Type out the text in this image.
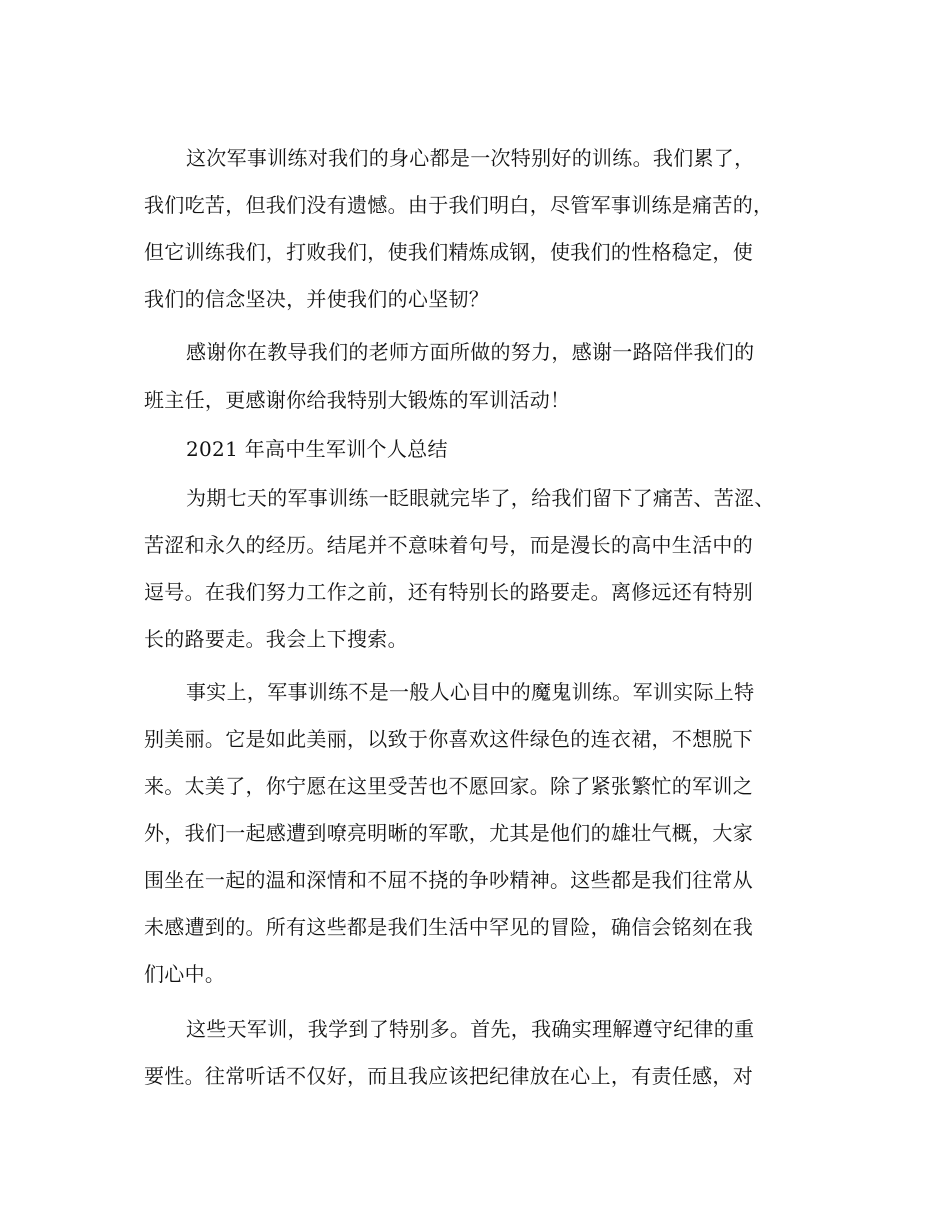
这次军事训练对我们的身心都是一次特别好的训练。我们累了，
我们吃苦，但我们没有遗憾。由于我们明白，尽管军事训练是痛苦的，
但它训练我们，打败我们，使我们精炼成钢，使我们的性格稳定，使
我们的信念坚决，并使我们的心坚韧？
感谢你在教导我们的老师方面所做的努力，感谢一路陪伴我们的
班主任，更感谢你给我特别大锻炼的军训活动！
2021 年高中生军训个人总结
为期七天的军事训练一眨眼就完毕了，给我们留下了痛苦、苦涩、
苦涩和永久的经历。结尾并不意味着句号，而是漫长的高中生活中的
逗号。在我们努力工作之前，还有特别长的路要走。离修远还有特别
长的路要走。我会上下搜索。
事实上，军事训练不是一般人心目中的魔鬼训练。军训实际上特
别美丽。它是如此美丽，以致于你喜欢这件绿色的连衣裙，不想脱下
来。太美了，你宁愿在这里受苦也不愿回家。除了紧张繁忙的军训之
外，我们一起感遭到嘹亮明晰的军歌，尤其是他们的雄壮气概，大家
围坐在一起的温和深情和不屈不挠的争吵精神。这些都是我们往常从
未感遭到的。所有这些都是我们生活中罕见的冒险，确信会铭刻在我
们心中。
这些天军训，我学到了特别多。首先，我确实理解遵守纪律的重
要性。往常听话不仅好，而且我应该把纪律放在心上，有责任感，对
